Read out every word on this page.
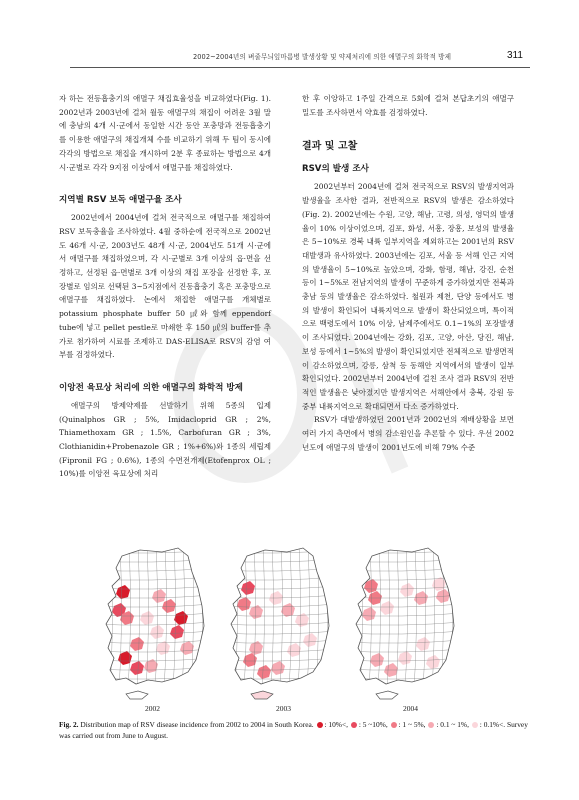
2002~2004년의 벼줄무늬잎마름병 발생상황 및 약제처리에 의한 애멸구의 화학적 방제	311

자 하는 전등흡충기의 애멸구 채집효율성을 비교하였다(Fig. 1). 2002년과 2003년에 걸쳐 월동 애멸구의 채집이 어려운 3월 말에 충남의 4개 시·군에서 동일한 시간 동안 포충망과 전등흡충기를 이용한 애멸구의 채집개체 수를 비교하기 위해 두 팀이 동시에 각각의 방법으로 채집을 개시하여 2분 후 종료하는 방법으로 4개 시·군별로 각각 9지점 이상에서 애멸구를 채집하였다.

지역별 RSV 보독 애멸구율 조사

2002년에서 2004년에 걸쳐 전국적으로 애멸구를 채집하여 RSV 보독충율을 조사하였다. 4월 중하순에 전국적으로 2002년도 46개 시·군, 2003년도 48개 시·군, 2004년도 51개 시·군에서 애멸구를 채집하였으며, 각 시·군별로 3개 이상의 읍·면을 선정하고, 선정된 읍·면별로 3개 이상의 채집 포장을 선정한 후, 포장별로 임의로 선택된 3~5지점에서 진동흡충기 혹은 포충망으로 애멸구를 채집하였다. 논에서 채집한 애멸구를 개체별로 potassium phosphate buffer 50 ㎕와 함께 eppendorf tube에 넣고 pellet pestle로 마쇄한 후 150 ㎕의 buffer를 추가로 첨가하여 시료를 조제하고 DAS-ELISA로 RSV의 감염 여부를 검정하였다.

이앙전 육묘상 처리에 의한 애멸구의 화학적 방제

애멸구의 방제약제를 선발하기 위해 5종의 입제(Quinalphos GR ; 5%, Imidacloprid GR ; 2%, Thiamethoxam GR ; 1.5%, Carbofuran GR ; 3%, Clothianidin+Probenazole GR ; 1%+6%)와 1종의 세립제(Fipronil FG ; 0.6%), 1종의 수면전개제(Etofenprox OL ; 10%)를 이앙전 육묘상에 처리

한 후 이앙하고 1주일 간격으로 5회에 걸쳐 본답초기의 애멸구 밀도를 조사하면서 약효를 검정하였다.

결과 및 고찰
RSV의 발생 조사

2002년부터 2004년에 걸쳐 전국적으로 RSV의 발생지역과 발생율을 조사한 결과, 전반적으로 RSV의 발생은 감소하였다(Fig. 2). 2002년에는 수원, 고양, 해남, 고령, 의성, 영덕의 발생율이 10% 이상이었으며, 김포, 화성, 서흥, 장흥, 보성의 발생율은 5~10%로 경북 내륙 일부지역을 제외하고는 2001년의 RSV 대발생과 유사하였다. 2003년에는 김포, 서울 등 서해 인근 지역의 발생율이 5~10%로 높았으며, 강화, 함평, 해남, 강진, 순천 등이 1~5%로 전남지역의 발생이 꾸준하게 증가하였지만 전북과 충남 등의 발생율은 감소하였다. 철원과 제천, 단양 등에서도 병의 발생이 확인되어 내륙지역으로 발생이 확산되었으며, 특이적으로 백령도에서 10% 이상, 남제주에서도 0.1~1%의 포장발생이 조사되었다. 2004년에는 강화, 김포, 고양, 아산, 당진, 해남, 보성 등에서 1~5%의 발생이 확인되었지만 전체적으로 발생면적이 감소하였으며, 강릉, 삼척 등 동해안 지역에서의 발생이 일부 확인되었다. 2002년부터 2004년에 걸친 조사 결과 RSV의 전반적인 발생율은 낮아졌지만 발생지역은 서해안에서 충북, 강원 등 중부 내륙지역으로 확대되면서 다소 증가하였다.

RSV가 대발생하였던 2001년과 2002년의 재배상황을 보면 여러 가지 측면에서 병의 감소원인을 추론할 수 있다. 우선 2002년도에 애멸구의 발생이 2001년도에 비해 79% 수준

2002	2003	2004
Fig. 2. Distribution map of RSV disease incidence from 2002 to 2004 in South Korea. : 10%<, : 5 ~10%, : 1 ~ 5%, : 0.1 ~ 1%, : 0.1%<. Survey was carried out from June to August.
